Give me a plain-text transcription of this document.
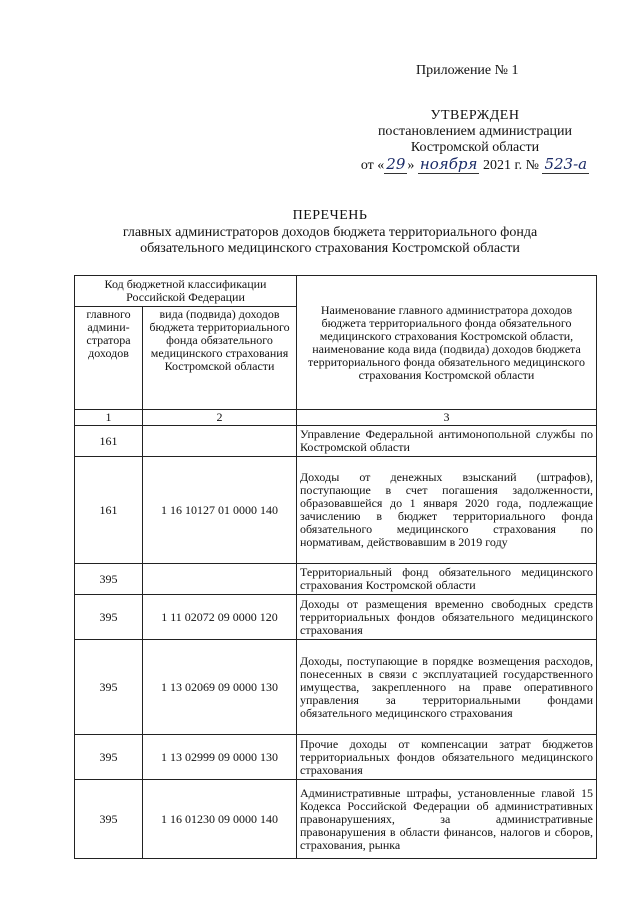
Приложение № 1
УТВЕРЖДЕН
постановлением администрации
Костромской области
от « 29 » ноября 2021 г. № 523-а
ПЕРЕЧЕНЬ
главных администраторов доходов бюджета территориального фонда
обязательного медицинского страхования Костромской области
Код бюджетной классификации Российской Федерации		Наименование главного администратора доходов бюджета территориального фонда обязательного медицинского страхования Костромской области, наименование кода вида (подвида) доходов бюджета территориального фонда обязательного медицинского страхования Костромской области
главного админи-стратора доходов	вида (подвида) доходов бюджета территориального фонда обязательного медицинского страхования Костромской области	
1	2	3
161		Управление Федеральной антимонопольной службы по Костромской области
161	1 16 10127 01 0000 140	Доходы от денежных взысканий (штрафов), поступающие в счет погашения задолженности, образовавшейся до 1 января 2020 года, подлежащие зачислению в бюджет территориального фонда обязательного медицинского страхования по нормативам, действовавшим в 2019 году
395		Территориальный фонд обязательного медицинского страхования Костромской области
395	1 11 02072 09 0000 120	Доходы от размещения временно свободных средств территориальных фондов обязательного медицинского страхования
395	1 13 02069 09 0000 130	Доходы, поступающие в порядке возмещения расходов, понесенных в связи с эксплуатацией государственного имущества, закрепленного на праве оперативного управления за территориальными фондами обязательного медицинского страхования
395	1 13 02999 09 0000 130	Прочие доходы от компенсации затрат бюджетов территориальных фондов обязательного медицинского страхования
395	1 16 01230 09 0000 140	Административные штрафы, установленные главой 15 Кодекса Российской Федерации об административных правонарушениях, за административные правонарушения в области финансов, налогов и сборов, страхования, рынка
